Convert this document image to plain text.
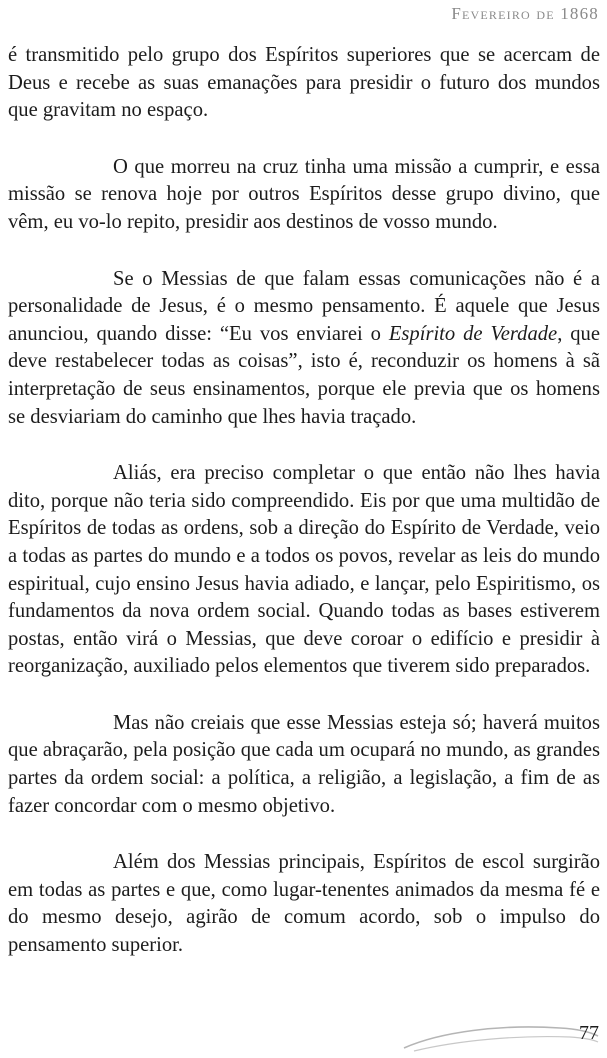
Fevereiro de 1868

é transmitido pelo grupo dos Espíritos superiores que se acercam de Deus e recebe as suas emanações para presidir o futuro dos mundos que gravitam no espaço.

O que morreu na cruz tinha uma missão a cumprir, e essa missão se renova hoje por outros Espíritos desse grupo divino, que vêm, eu vo-lo repito, presidir aos destinos de vosso mundo.

Se o Messias de que falam essas comunicações não é a personalidade de Jesus, é o mesmo pensamento. É aquele que Jesus anunciou, quando disse: “Eu vos enviarei o Espírito de Verdade, que deve restabelecer todas as coisas”, isto é, reconduzir os homens à sã interpretação de seus ensinamentos, porque ele previa que os homens se desviariam do caminho que lhes havia traçado.

Aliás, era preciso completar o que então não lhes havia dito, porque não teria sido compreendido. Eis por que uma multidão de Espíritos de todas as ordens, sob a direção do Espírito de Verdade, veio a todas as partes do mundo e a todos os povos, revelar as leis do mundo espiritual, cujo ensino Jesus havia adiado, e lançar, pelo Espiritismo, os fundamentos da nova ordem social. Quando todas as bases estiverem postas, então virá o Messias, que deve coroar o edifício e presidir à reorganização, auxiliado pelos elementos que tiverem sido preparados.

Mas não creiais que esse Messias esteja só; haverá muitos que abraçarão, pela posição que cada um ocupará no mundo, as grandes partes da ordem social: a política, a religião, a legislação, a fim de as fazer concordar com o mesmo objetivo.

Além dos Messias principais, Espíritos de escol surgirão em todas as partes e que, como lugar-tenentes animados da mesma fé e do mesmo desejo, agirão de comum acordo, sob o impulso do pensamento superior.

77
